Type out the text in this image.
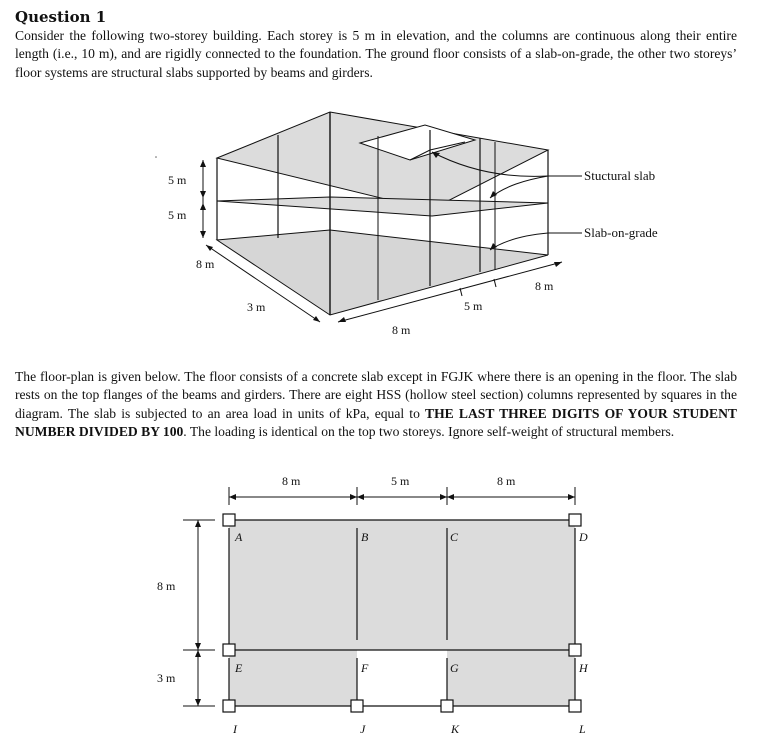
Question 1

Consider the following two-storey building. Each storey is 5 m in elevation, and the columns are continuous along their entire length (i.e., 10 m), and are rigidly connected to the foundation. The ground floor consists of a slab-on-grade, the other two storeys’ floor systems are structural slabs supported by beams and girders.

5 m
5 m
8 m
3 m
8 m
5 m
8 m
Stuctural slab
Slab-on-grade

The floor-plan is given below. The floor consists of a concrete slab except in FGJK where there is an opening in the floor. The slab rests on the top flanges of the beams and girders. There are eight HSS (hollow steel section) columns represented by squares in the diagram. The slab is subjected to an area load in units of kPa, equal to THE LAST THREE DIGITS OF YOUR STUDENT NUMBER DIVIDED BY 100. The loading is identical on the top two storeys. Ignore self-weight of structural members.

8 m	5 m	8 m
8 m
3 m
A	B	C	D
E	F	G	H
I	J	K	L
